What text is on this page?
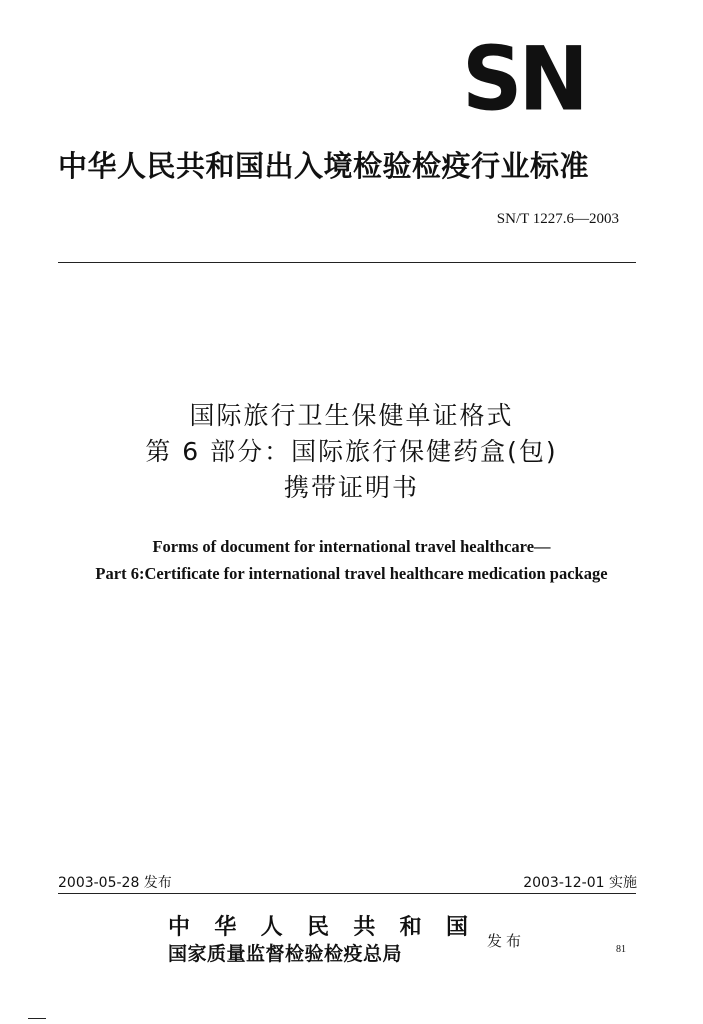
SN
中华人民共和国出入境检验检疫行业标准
SN/T 1227.6—2003
国际旅行卫生保健单证格式
第 6 部分：国际旅行保健药盒(包)
携带证明书
Forms of document for international travel healthcare—
Part 6:Certificate for international travel healthcare medication package
2003-05-28 发布	2003-12-01 实施
中 华 人 民 共 和 国
国家质量监督检验检疫总局
发布	81
